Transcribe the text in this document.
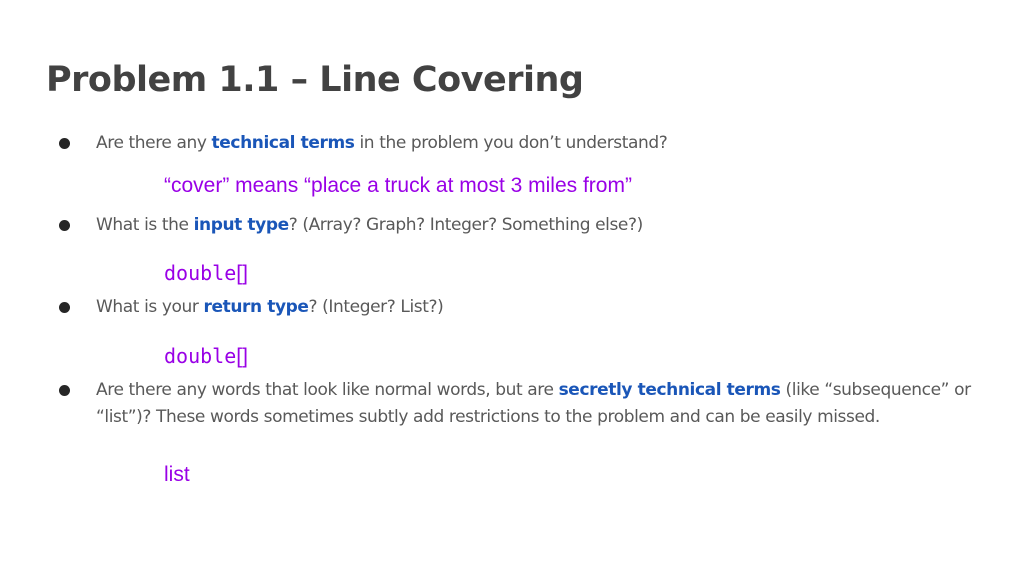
Problem 1.1 – Line Covering
Are there any technical terms in the problem you don’t understand?
“cover” means “place a truck at most 3 miles from”
What is the input type? (Array? Graph? Integer? Something else?)
double[]
What is your return type? (Integer? List?)
double[]
Are there any words that look like normal words, but are secretly technical terms (like “subsequence” or “list”)? These words sometimes subtly add restrictions to the problem and can be easily missed.
list
